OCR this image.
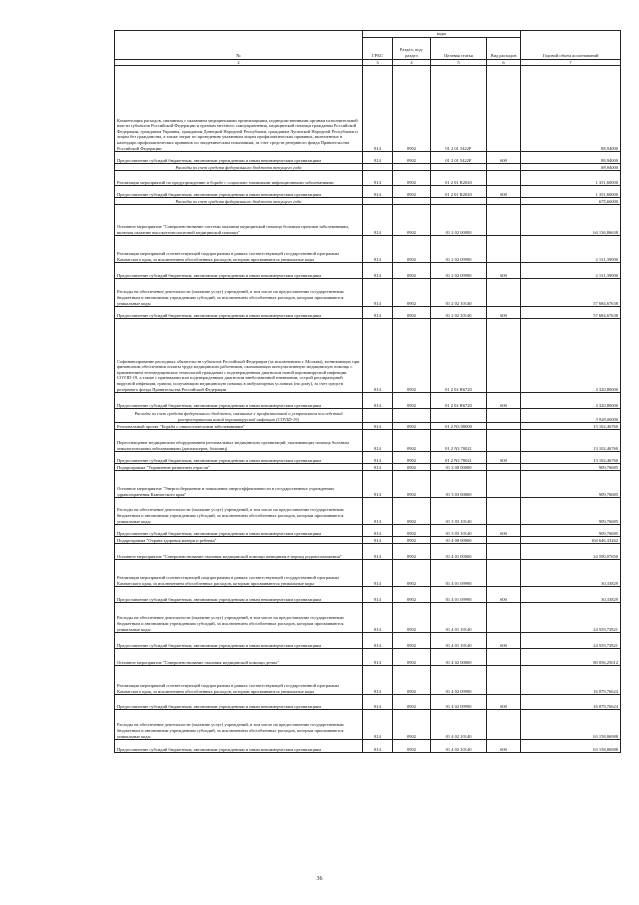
№	коды				Годовой объем ассигнований
	ГРБС	Раздел, под- раздел	Целевая статья	Вид расходов	
2	3	4	5	6	7
Компенсация расходов, связанных с оказанием медицинскими организациями, подведомственными органам исполнительной власти субъектов Российской Федерации и органам местного самоуправления, медицинской помощи гражданам Российской Федерации, гражданам Украины, гражданам Донецкой Народной Республики, гражданам Луганской Народной Республики и лицам без гражданства, а также затрат по проведению указанным лицам профилактических прививок, включенных в календарь профилактических прививок по эпидемическим показаниям, за счет средств резервного фонда Правительства Российской Федерации	814	0902	01 2 01 5422F		88,94000
Предоставление субсидий бюджетным, автономным учреждениям и иным некоммерческим организациям	814	0902	01 2 01 5422F	600	88,94000
Расходы за счет средств федерального бюджета текущего года					88,94000
Реализация мероприятий по предупреждению и борьбе с социально значимыми инфекционными заболеваниями	814	0902	01 2 01 R2020		1 351,60000
Предоставление субсидий бюджетным, автономным учреждениям и иным некоммерческим организациям	814	0902	01 2 01 R2020	600	1 351,60000
Расходы за счет средств федерального бюджета текущего года					675,60000
Основное мероприятие "Совершенствование системы оказания медицинской помощи больным прочими заболеваниями, включая оказание высокотехнологичной медицинской помощи"	814	0902	01 2 02 00000		64 136,86638
Реализация мероприятий соответствующей подпрограммы в рамках соответствующей государственной программы Камчатского края, за исключением обособленных расходов, которым присваиваются уникальные коды	814	0902	01 2 02 09990		2 131,39000
Предоставление субсидий бюджетным, автономным учреждениям и иным некоммерческим организациям	814	0902	01 2 02 09990	600	2 131,39000
Расходы на обеспечение деятельности (оказание услуг) учреждений, в том числе на предоставление государственным бюджетным и автономным учреждениям субсидий, за исключением обособленных расходов, которым присваиваются уникальные коды	814	0902	01 2 02 10140		57 684,67638
Предоставление субсидий бюджетным, автономным учреждениям и иным некоммерческим организациям	814	0902	01 2 02 10140	600	57 684,67638
Софинансирование расходных обязательств субъектов Российской Федерации (за исключением г. Москвы), возникающих при финансовом обеспечении оплаты труда медицинских работников, оказывающих консультативную медицинскую помощь с применением телемедицинских технологий гражданам с подтвержденным диагнозом новой коронавирусной инфекции COVID-19, а также с признаками или подтвержденным диагнозом внебольничной пневмонии, острой респираторной вирусной инфекции, гриппа, получающим медицинскую помощь в амбулаторных условиях (на дому), за счет средств резервного фонда Правительства Российской Федерации	814	0902	01 2 02 R6720		4 320,80000
Предоставление субсидий бюджетным, автономным учреждениям и иным некоммерческим организациям	814	0902	01 2 02 R6720	600	4 320,80000
Расходы за счет средств федерального бюджета, связанные с профилактикой и устранением последствий распространения новой коронавирусной инфекции (COVID-19)					3 928,00000
Региональный проект "Борьба с онкологическими заболеваниями"	814	0902	01 2 N3 00000		13 102,46760
Переоснащение медицинским оборудованием региональных медицинских организаций, оказывающих помощь больным онкологическими заболеваниями (диспансеров, больниц)	814	0902	01 2 N3 70021		13 102,46760
Предоставление субсидий бюджетным, автономным учреждениям и иным некоммерческим организациям	814	0902	01 2 N3 70021	600	13 102,46760
Подпрограмма "Управление развитием отрасли"	814	0902	01 3 00 00000		909,76685
Основное мероприятие "Энергосбережение и повышение энергоэффективности в государственных учреждениях здравоохранения Камчатского края"	814	0902	01 3 03 00000		909,76685
Расходы на обеспечение деятельности (оказание услуг) учреждений, в том числе на предоставление государственным бюджетным и автономным учреждениям субсидий, за исключением обособленных расходов, которым присваиваются уникальные коды	814	0902	01 3 03 10140		909,76685
Предоставление субсидий бюджетным, автономным учреждениям и иным некоммерческим организациям	814	0902	01 3 03 10140	600	909,76685
Подпрограмма "Охрана здоровья матери и ребенка"	814	0902	01 4 00 00000		104 646,33262
Основное мероприятие "Совершенствование оказания медицинской помощи женщинам в период родовспоможения"	814	0902	01 4 01 00000		24 590,07650
Реализация мероприятий соответствующей подпрограммы в рамках соответствующей государственной программы Камчатского края, за исключением обособленных расходов, которым присваиваются уникальные коды	814	0902	01 4 01 09990		30,33829
Предоставление субсидий бюджетным, автономным учреждениям и иным некоммерческим организациям	814	0902	01 4 01 09990	600	30,33829
Расходы на обеспечение деятельности (оказание услуг) учреждений, в том числе на предоставление государственным бюджетным и автономным учреждениям субсидий, за исключением обособленных расходов, которым присваиваются уникальные коды	814	0902	01 4 01 10140		24 559,73821
Предоставление субсидий бюджетным, автономным учреждениям и иным некоммерческим организациям	814	0902	01 4 01 10140	600	24 559,73821
Основное мероприятие "Совершенствование оказания медицинской помощи детям"	814	0902	01 4 02 00000		80 056,25612
Реализация мероприятий соответствующей подпрограммы в рамках соответствующей государственной программы Камчатского края, за исключением обособленных расходов, которым присваиваются уникальные коды	814	0902	01 4 02 09990		16 879,76624
Предоставление субсидий бюджетным, автономным учреждениям и иным некоммерческим организациям	814	0902	01 4 02 09990	600	16 879,76624
Расходы на обеспечение деятельности (оказание услуг) учреждений, в том числе на предоставление государственным бюджетным и автономным учреждениям субсидий, за исключением обособленных расходов, которым присваиваются уникальные коды	814	0902	01 4 02 10140		63 158,86988
Предоставление субсидий бюджетным, автономным учреждениям и иным некоммерческим организациям	814	0902	01 4 02 10140	600	63 158,86988
36
